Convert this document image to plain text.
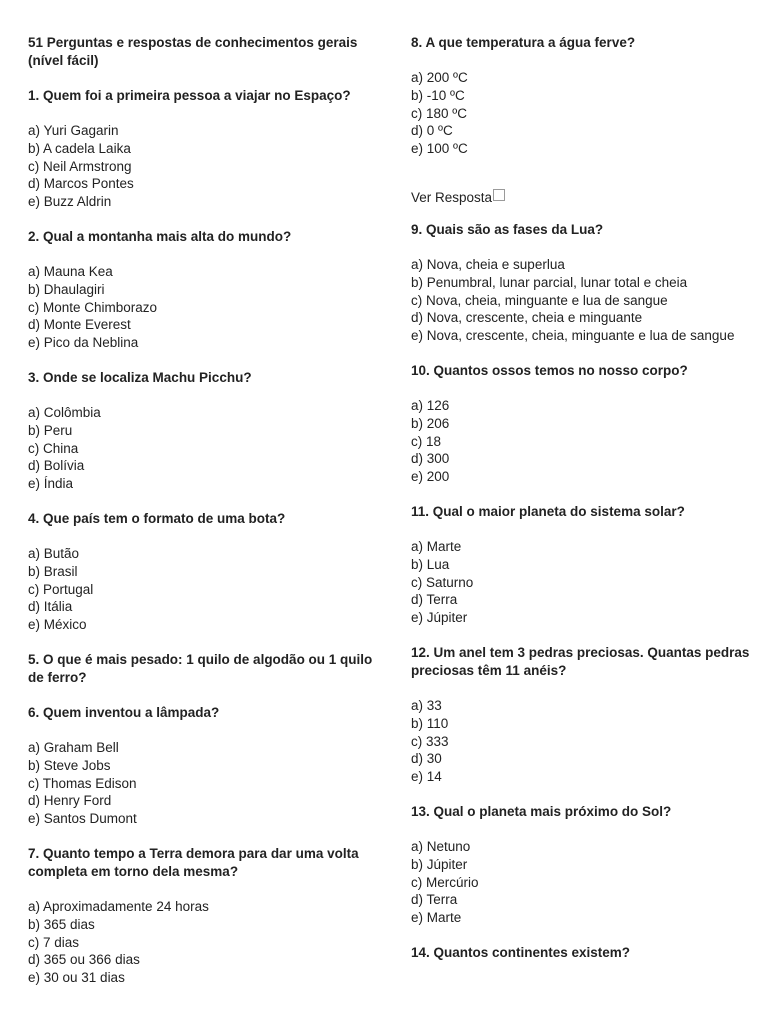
51 Perguntas e respostas de conhecimentos gerais (nível fácil)

1. Quem foi a primeira pessoa a viajar no Espaço?

a) Yuri Gagarin
b) A cadela Laika
c) Neil Armstrong
d) Marcos Pontes
e) Buzz Aldrin

2. Qual a montanha mais alta do mundo?

a) Mauna Kea
b) Dhaulagiri
c) Monte Chimborazo
d) Monte Everest
e) Pico da Neblina

3. Onde se localiza Machu Picchu?

a) Colômbia
b) Peru
c) China
d) Bolívia
e) Índia

4. Que país tem o formato de uma bota?

a) Butão
b) Brasil
c) Portugal
d) Itália
e) México

5. O que é mais pesado: 1 quilo de algodão ou 1 quilo de ferro?

6. Quem inventou a lâmpada?

a) Graham Bell
b) Steve Jobs
c) Thomas Edison
d) Henry Ford
e) Santos Dumont

7. Quanto tempo a Terra demora para dar uma volta completa em torno dela mesma?

a) Aproximadamente 24 horas
b) 365 dias
c) 7 dias
d) 365 ou 366 dias
e) 30 ou 31 dias

8. A que temperatura a água ferve?

a) 200 ºC
b) -10 ºC
c) 180 ºC
d) 0 ºC
e) 100 ºC
Ver Resposta

9. Quais são as fases da Lua?

a) Nova, cheia e superlua
b) Penumbral, lunar parcial, lunar total e cheia
c) Nova, cheia, minguante e lua de sangue
d) Nova, crescente, cheia e minguante
e) Nova, crescente, cheia, minguante e lua de sangue

10. Quantos ossos temos no nosso corpo?

a) 126
b) 206
c) 18
d) 300
e) 200

11. Qual o maior planeta do sistema solar?

a) Marte
b) Lua
c) Saturno
d) Terra
e) Júpiter

12. Um anel tem 3 pedras preciosas. Quantas pedras preciosas têm 11 anéis?

a) 33
b) 110
c) 333
d) 30
e) 14

13. Qual o planeta mais próximo do Sol?

a) Netuno
b) Júpiter
c) Mercúrio
d) Terra
e) Marte

14. Quantos continentes existem?
